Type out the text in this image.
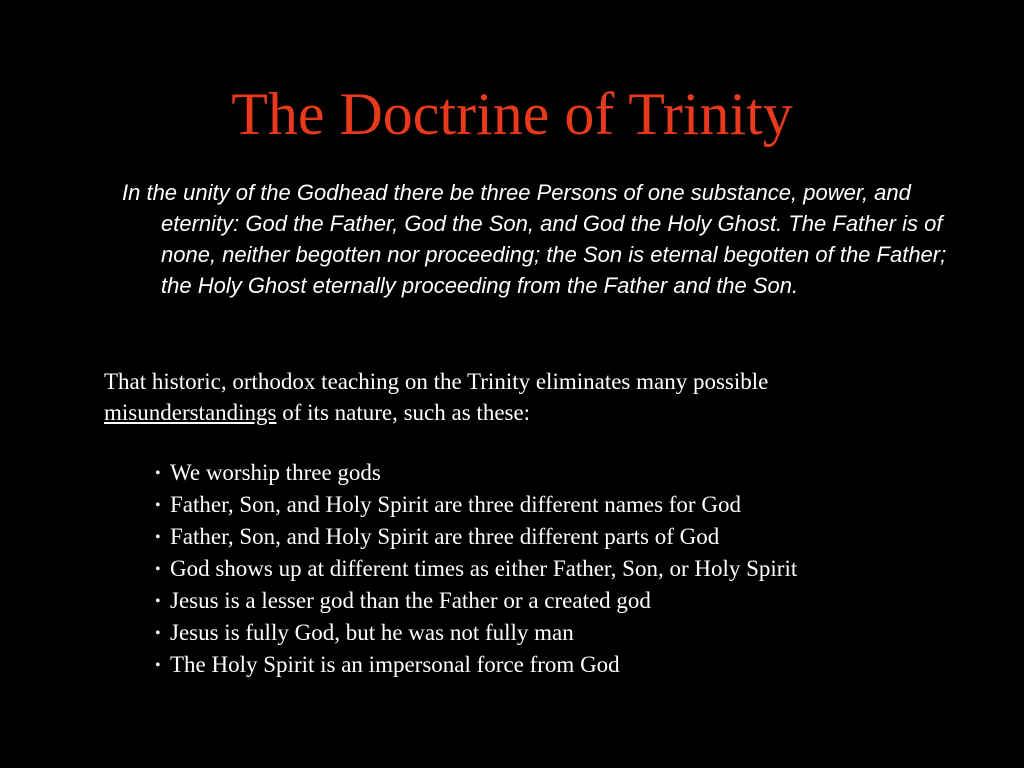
The Doctrine of Trinity

In the unity of the Godhead there be three Persons of one substance, power, and eternity: God the Father, God the Son, and God the Holy Ghost. The Father is of none, neither begotten nor proceeding; the Son is eternal begotten of the Father; the Holy Ghost eternally proceeding from the Father and the Son.

That historic, orthodox teaching on the Trinity eliminates many possible misunderstandings of its nature, such as these:

• We worship three gods
• Father, Son, and Holy Spirit are three different names for God
• Father, Son, and Holy Spirit are three different parts of God
• God shows up at different times as either Father, Son, or Holy Spirit
• Jesus is a lesser god than the Father or a created god
• Jesus is fully God, but he was not fully man
• The Holy Spirit is an impersonal force from God
